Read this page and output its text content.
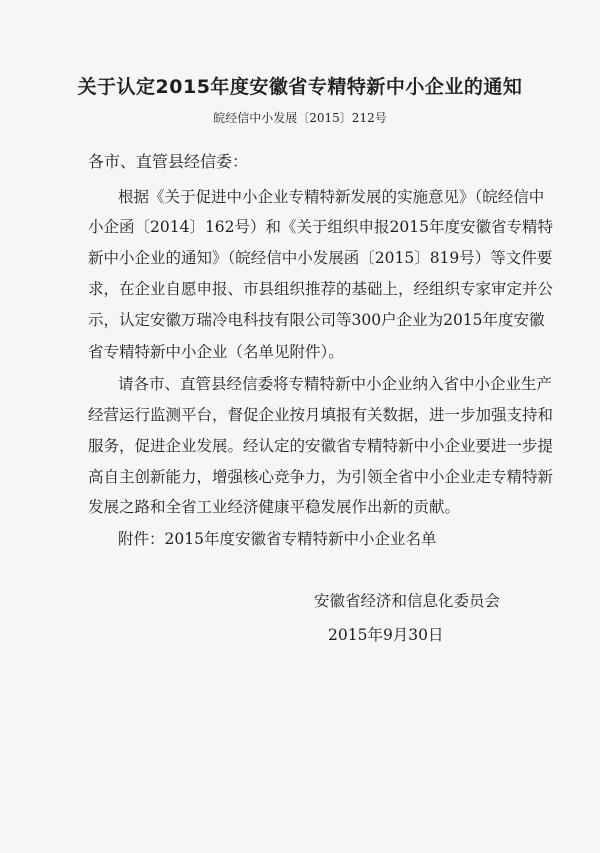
关于认定2015年度安徽省专精特新中小企业的通知
皖经信中小发展〔2015〕212号
各市、直管县经信委：
根据《关于促进中小企业专精特新发展的实施意见》（皖经信中
小企函〔2014〕162号）和《关于组织申报2015年度安徽省专精特
新中小企业的通知》（皖经信中小发展函〔2015〕819号）等文件要
求，在企业自愿申报、市县组织推荐的基础上，经组织专家审定并公
示，认定安徽万瑞冷电科技有限公司等300户企业为2015年度安徽
省专精特新中小企业（名单见附件）。
请各市、直管县经信委将专精特新中小企业纳入省中小企业生产
经营运行监测平台，督促企业按月填报有关数据，进一步加强支持和
服务，促进企业发展。经认定的安徽省专精特新中小企业要进一步提
高自主创新能力，增强核心竞争力，为引领全省中小企业走专精特新
发展之路和全省工业经济健康平稳发展作出新的贡献。
附件：2015年度安徽省专精特新中小企业名单
安徽省经济和信息化委员会
2015年9月30日
